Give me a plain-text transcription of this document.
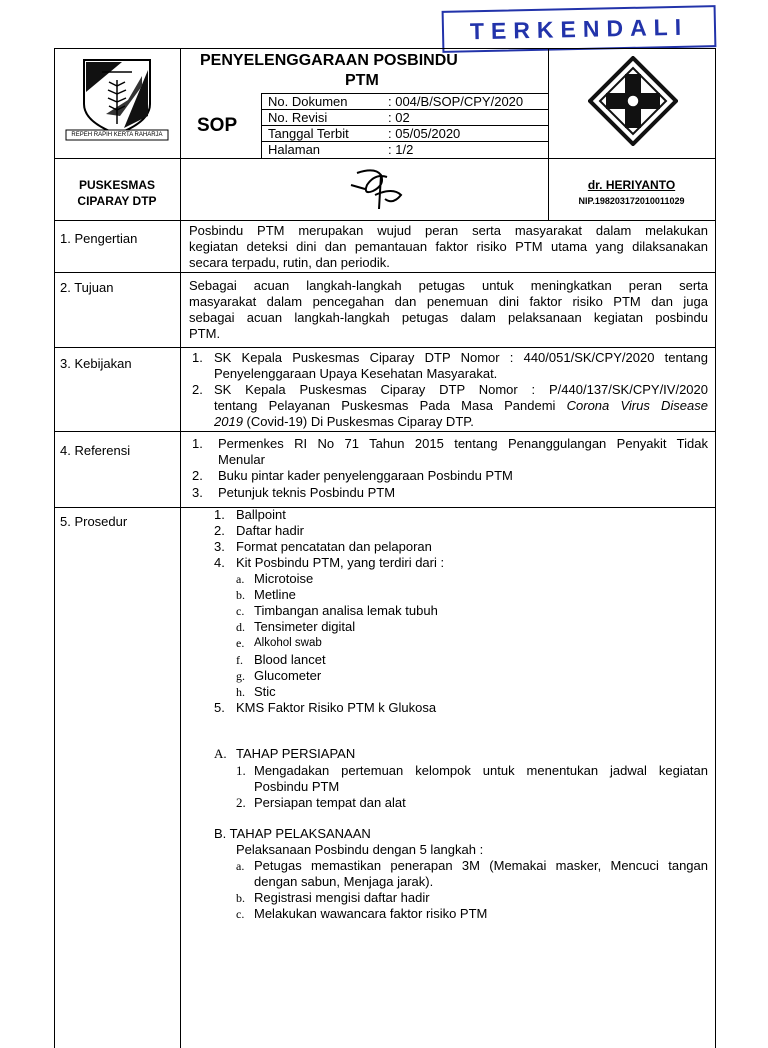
TERKENDALI
REPEH RAPIH KERTA RAHARJA
PENYELENGGARAAN POSBINDU
PTM
SOP
No. Dokumen	: 004/B/SOP/CPY/2020
No. Revisi	: 02
Tanggal Terbit	: 05/05/2020
Halaman	: 1/2
PUSKESMAS
CIPARAY DTP
dr. HERIYANTO
NIP.198203172010011029
1. Pengertian
Posbindu PTM merupakan wujud peran serta masyarakat dalam melakukan
kegiatan deteksi dini dan pemantauan faktor risiko PTM utama yang dilaksanakan
secara terpadu, rutin, dan periodik.
2. Tujuan	Sebagai acuan langkah-langkah petugas untuk meningkatkan peran serta
masyarakat dalam pencegahan dan penemuan dini faktor risiko PTM dan juga
sebagai acuan langkah-langkah petugas dalam pelaksanaan kegiatan posbindu
PTM.
3. Kebijakan	1. SK Kepala Puskesmas Ciparay DTP Nomor : 440/051/SK/CPY/2020 tentang
Penyelenggaraan Upaya Kesehatan Masyarakat.
2. SK Kepala Puskesmas Ciparay DTP Nomor : P/440/137/SK/CPY/IV/2020
tentang Pelayanan Puskesmas Pada Masa Pandemi Corona Virus Disease
2019 (Covid-19) Di Puskesmas Ciparay DTP.
4. Referensi	1. Permenkes RI No 71 Tahun 2015 tentang Penanggulangan Penyakit Tidak
Menular
2. Buku pintar kader penyelenggaraan Posbindu PTM
3. Petunjuk teknis Posbindu PTM
5. Prosedur	1. Ballpoint
2. Daftar hadir
3. Format pencatatan dan pelaporan
4. Kit Posbindu PTM, yang terdiri dari :
a. Microtoise
b. Metline
c. Timbangan analisa lemak tubuh
d. Tensimeter digital
e. Alkohol swab
f. Blood lancet
g. Glucometer
h. Stic
5. KMS Faktor Risiko PTM k Glukosa
A. TAHAP PERSIAPAN
1. Mengadakan pertemuan kelompok untuk menentukan jadwal kegiatan
Posbindu PTM
2. Persiapan tempat dan alat
B. TAHAP PELAKSANAAN
Pelaksanaan Posbindu dengan 5 langkah :
a. Petugas memastikan penerapan 3M (Memakai masker, Mencuci tangan
dengan sabun, Menjaga jarak).
b. Registrasi mengisi daftar hadir
c. Melakukan wawancara faktor risiko PTM
